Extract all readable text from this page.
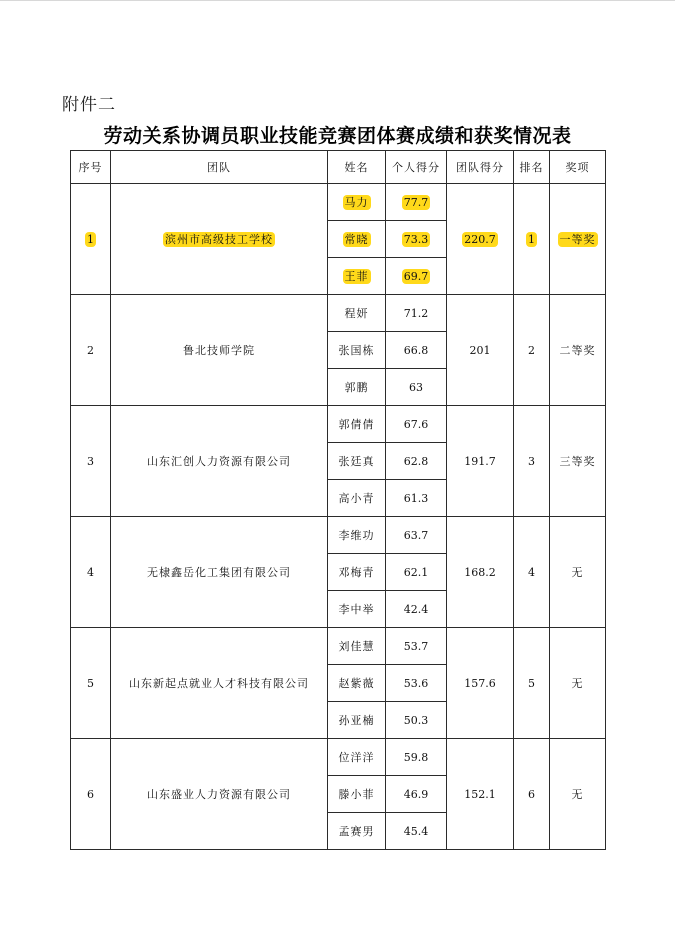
附件二
劳动关系协调员职业技能竞赛团体赛成绩和获奖情况表
序号	团队	姓名	个人得分	团队得分	排名	奖项
1	滨州市高级技工学校	马力	77.7	220.7	1	一等奖
		常晓	73.3			
		王菲	69.7			
2	鲁北技师学院	程妍	71.2	201	2	二等奖
		张国栋	66.8			
		郭鹏	63			
3	山东汇创人力资源有限公司	郭倩倩	67.6	191.7	3	三等奖
		张廷真	62.8			
		高小青	61.3			
4	无棣鑫岳化工集团有限公司	李维功	63.7	168.2	4	无
		邓梅青	62.1			
		李中举	42.4			
5	山东新起点就业人才科技有限公司	刘佳慧	53.7	157.6	5	无
		赵紫薇	53.6			
		孙亚楠	50.3			
6	山东盛业人力资源有限公司	位洋洋	59.8	152.1	6	无
		滕小菲	46.9			
		孟赛男	45.4			
